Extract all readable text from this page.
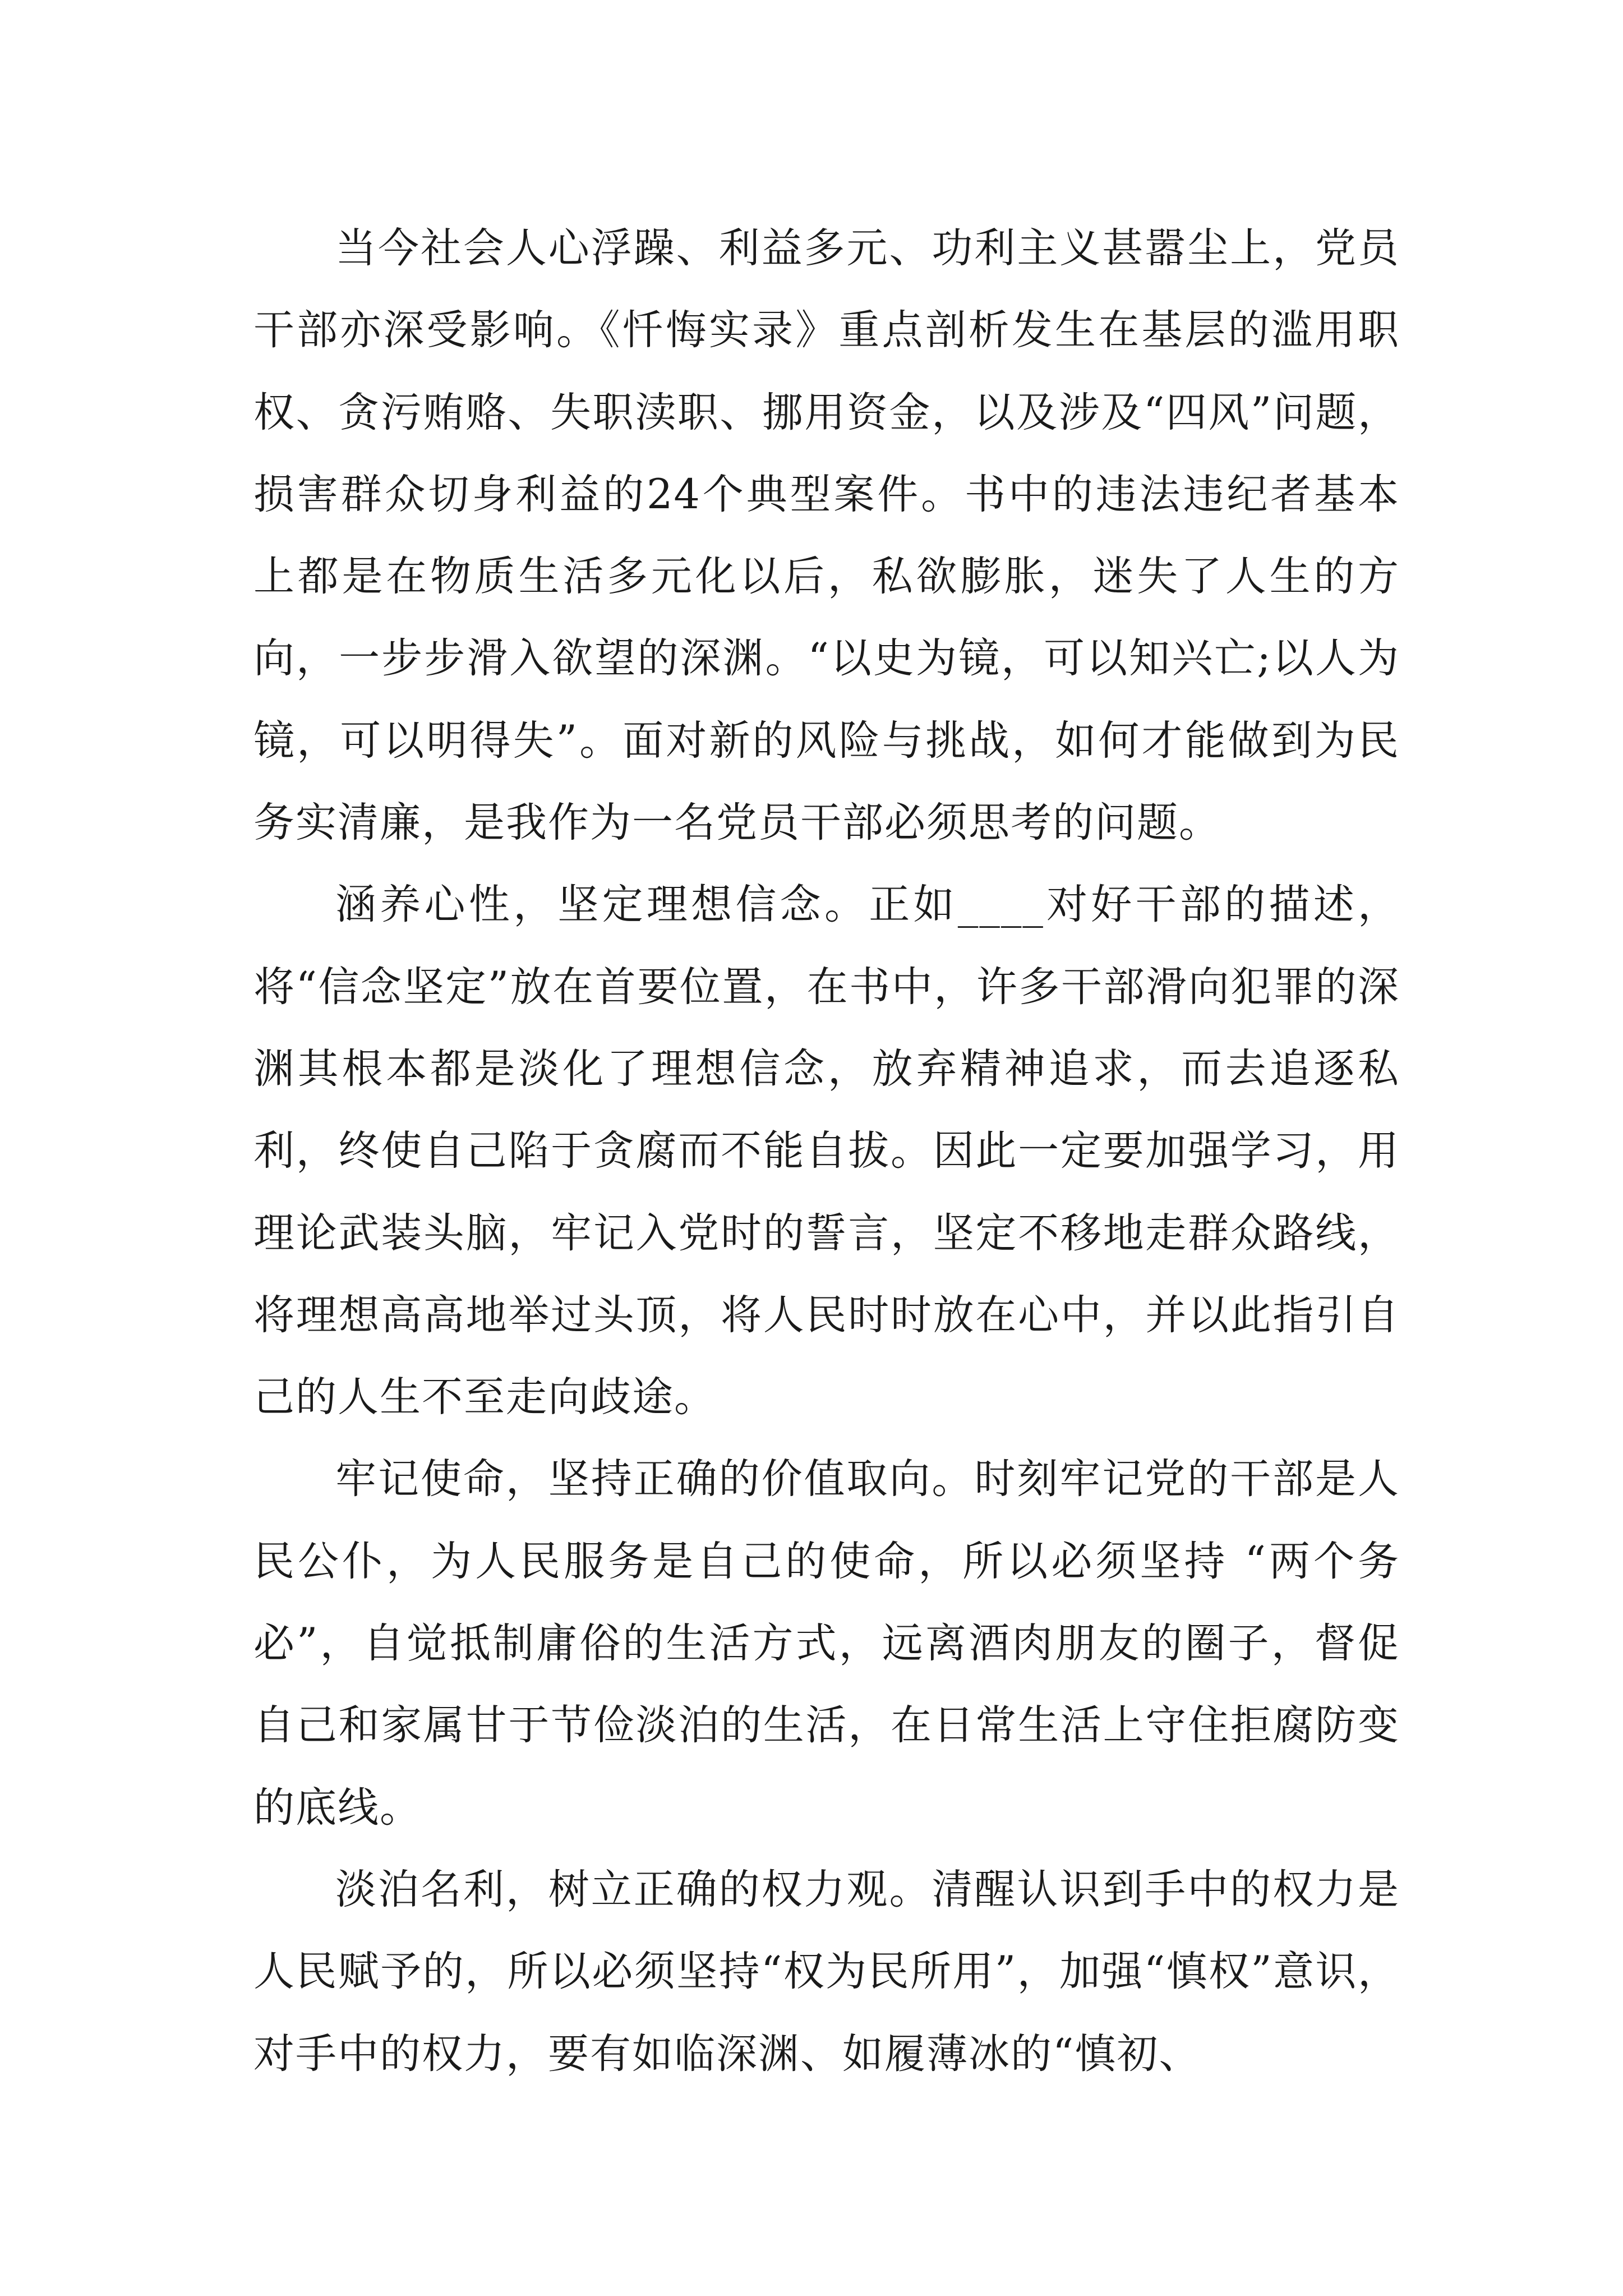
当今社会人心浮躁、利益多元、功利主义甚嚣尘上，党员干部亦深受影响。《忏悔实录》重点剖析发生在基层的滥用职权、贪污贿赂、失职渎职、挪用资金，以及涉及“四风”问题，损害群众切身利益的24个典型案件。书中的违法违纪者基本上都是在物质生活多元化以后，私欲膨胀，迷失了人生的方向，一步步滑入欲望的深渊。“以史为镜，可以知兴亡;以人为镜，可以明得失”。面对新的风险与挑战，如何才能做到为民务实清廉，是我作为一名党员干部必须思考的问题。

涵养心性，坚定理想信念。正如____对好干部的描述，将“信念坚定”放在首要位置，在书中，许多干部滑向犯罪的深渊其根本都是淡化了理想信念，放弃精神追求，而去追逐私利，终使自己陷于贪腐而不能自拔。因此一定要加强学习，用理论武装头脑，牢记入党时的誓言，坚定不移地走群众路线，将理想高高地举过头顶，将人民时时放在心中，并以此指引自己的人生不至走向歧途。

牢记使命，坚持正确的价值取向。时刻牢记党的干部是人民公仆，为人民服务是自己的使命，所以必须坚持 “两个务必”，自觉抵制庸俗的生活方式，远离酒肉朋友的圈子，督促自己和家属甘于节俭淡泊的生活，在日常生活上守住拒腐防变的底线。

淡泊名利，树立正确的权力观。清醒认识到手中的权力是人民赋予的，所以必须坚持“权为民所用”，加强“慎权”意识，对手中的权力，要有如临深渊、如履薄冰的“慎初、
